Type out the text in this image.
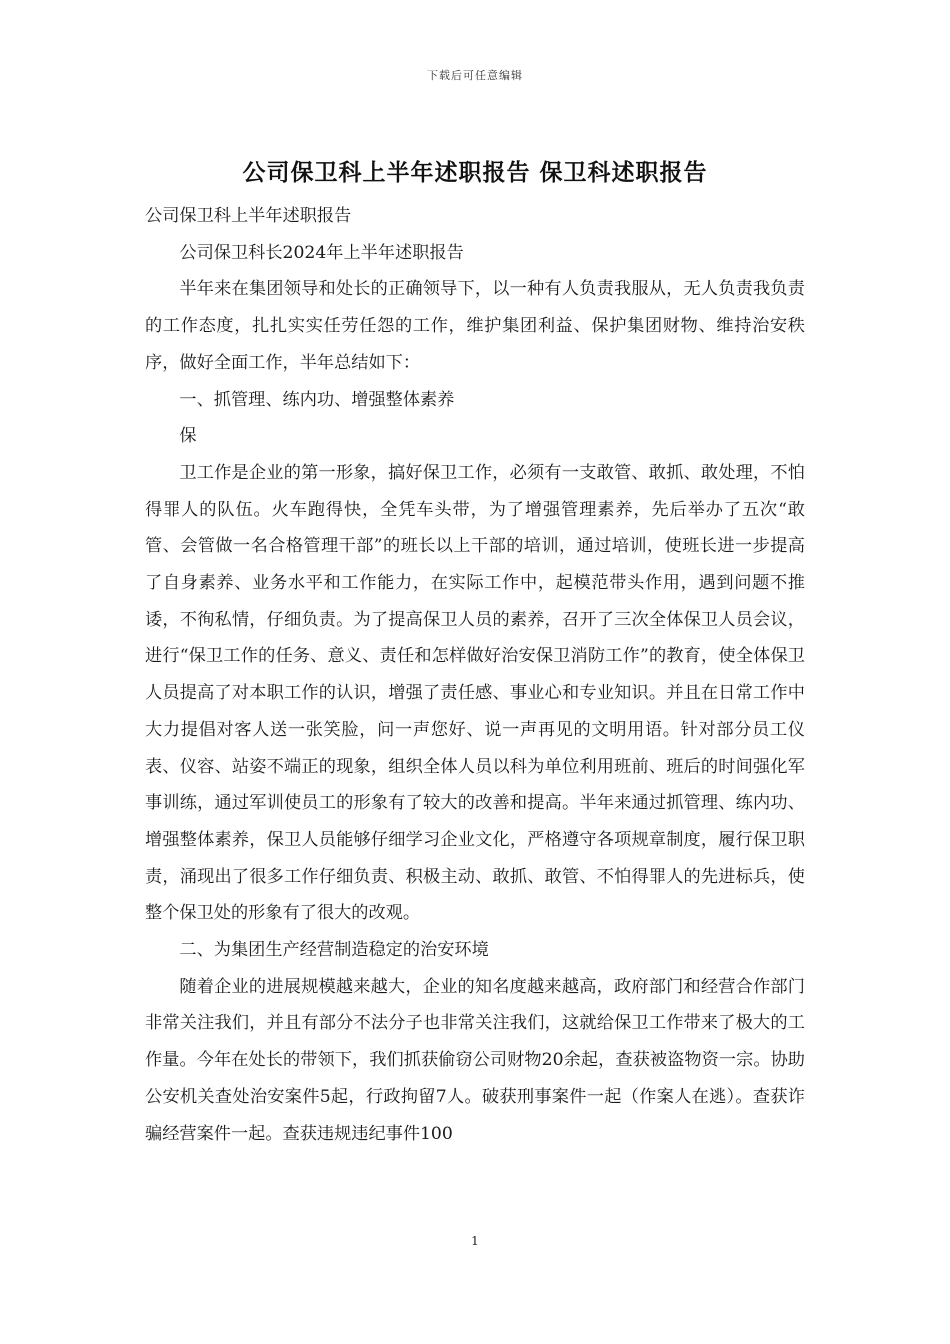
下载后可任意编辑
公司保卫科上半年述职报告 保卫科述职报告

公司保卫科上半年述职报告

公司保卫科长2024年上半年述职报告

半年来在集团领导和处长的正确领导下，以一种有人负责我服从，无人负责我负责的工作态度，扎扎实实任劳任怨的工作，维护集团利益、保护集团财物、维持治安秩序，做好全面工作，半年总结如下：

一、抓管理、练内功、增强整体素养

保

卫工作是企业的第一形象，搞好保卫工作，必须有一支敢管、敢抓、敢处理，不怕得罪人的队伍。火车跑得快，全凭车头带，为了增强管理素养，先后举办了五次“敢管、会管做一名合格管理干部”的班长以上干部的培训，通过培训，使班长进一步提高了自身素养、业务水平和工作能力，在实际工作中，起模范带头作用，遇到问题不推诿，不徇私情，仔细负责。为了提高保卫人员的素养，召开了三次全体保卫人员会议，进行“保卫工作的任务、意义、责任和怎样做好治安保卫消防工作”的教育，使全体保卫人员提高了对本职工作的认识，增强了责任感、事业心和专业知识。并且在日常工作中大力提倡对客人送一张笑脸，问一声您好、说一声再见的文明用语。针对部分员工仪表、仪容、站姿不端正的现象，组织全体人员以科为单位利用班前、班后的时间强化军事训练，通过军训使员工的形象有了较大的改善和提高。半年来通过抓管理、练内功、增强整体素养，保卫人员能够仔细学习企业文化，严格遵守各项规章制度，履行保卫职责，涌现出了很多工作仔细负责、积极主动、敢抓、敢管、不怕得罪人的先进标兵，使整个保卫处的形象有了很大的改观。

二、为集团生产经营制造稳定的治安环境

随着企业的进展规模越来越大，企业的知名度越来越高，政府部门和经营合作部门非常关注我们，并且有部分不法分子也非常关注我们，这就给保卫工作带来了极大的工作量。今年在处长的带领下，我们抓获偷窃公司财物20余起，查获被盗物资一宗。协助公安机关查处治安案件5起，行政拘留7人。破获刑事案件一起（作案人在逃）。查获诈骗经营案件一起。查获违规违纪事件100

1
